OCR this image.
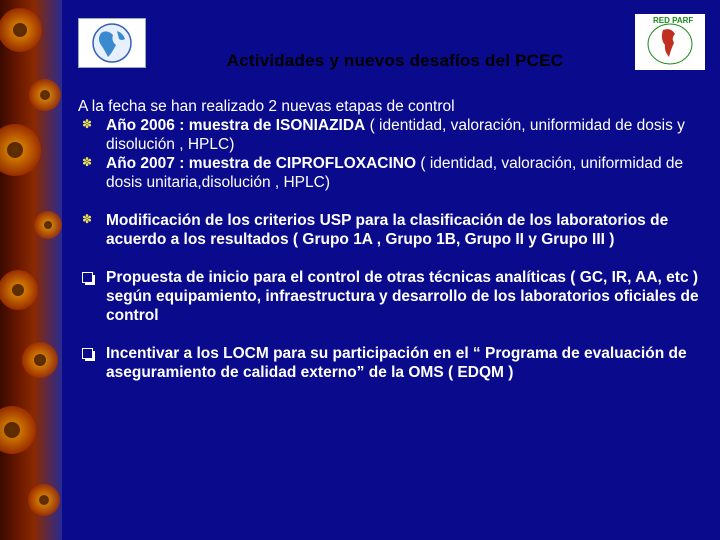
RED PARF
Actividades y nuevos desafíos del PCEC

A la fecha se han realizado 2 nuevas etapas de control

✽ Año 2006 : muestra de ISONIAZIDA ( identidad, valoración, uniformidad de dosis y disolución , HPLC)
✽ Año 2007 : muestra de CIPROFLOXACINO ( identidad, valoración, uniformidad de dosis unitaria,disolución , HPLC)
✽ Modificación de los criterios USP para la clasificación de los laboratorios de acuerdo a los resultados ( Grupo 1A , Grupo 1B, Grupo II y Grupo III )
Propuesta de inicio para el control de otras técnicas analíticas ( GC, IR, AA, etc ) según equipamiento, infraestructura y desarrollo de los laboratorios oficiales de control
Incentivar a los LOCM para su participación en el “ Programa de evaluación de aseguramiento de calidad externo” de la OMS ( EDQM )
